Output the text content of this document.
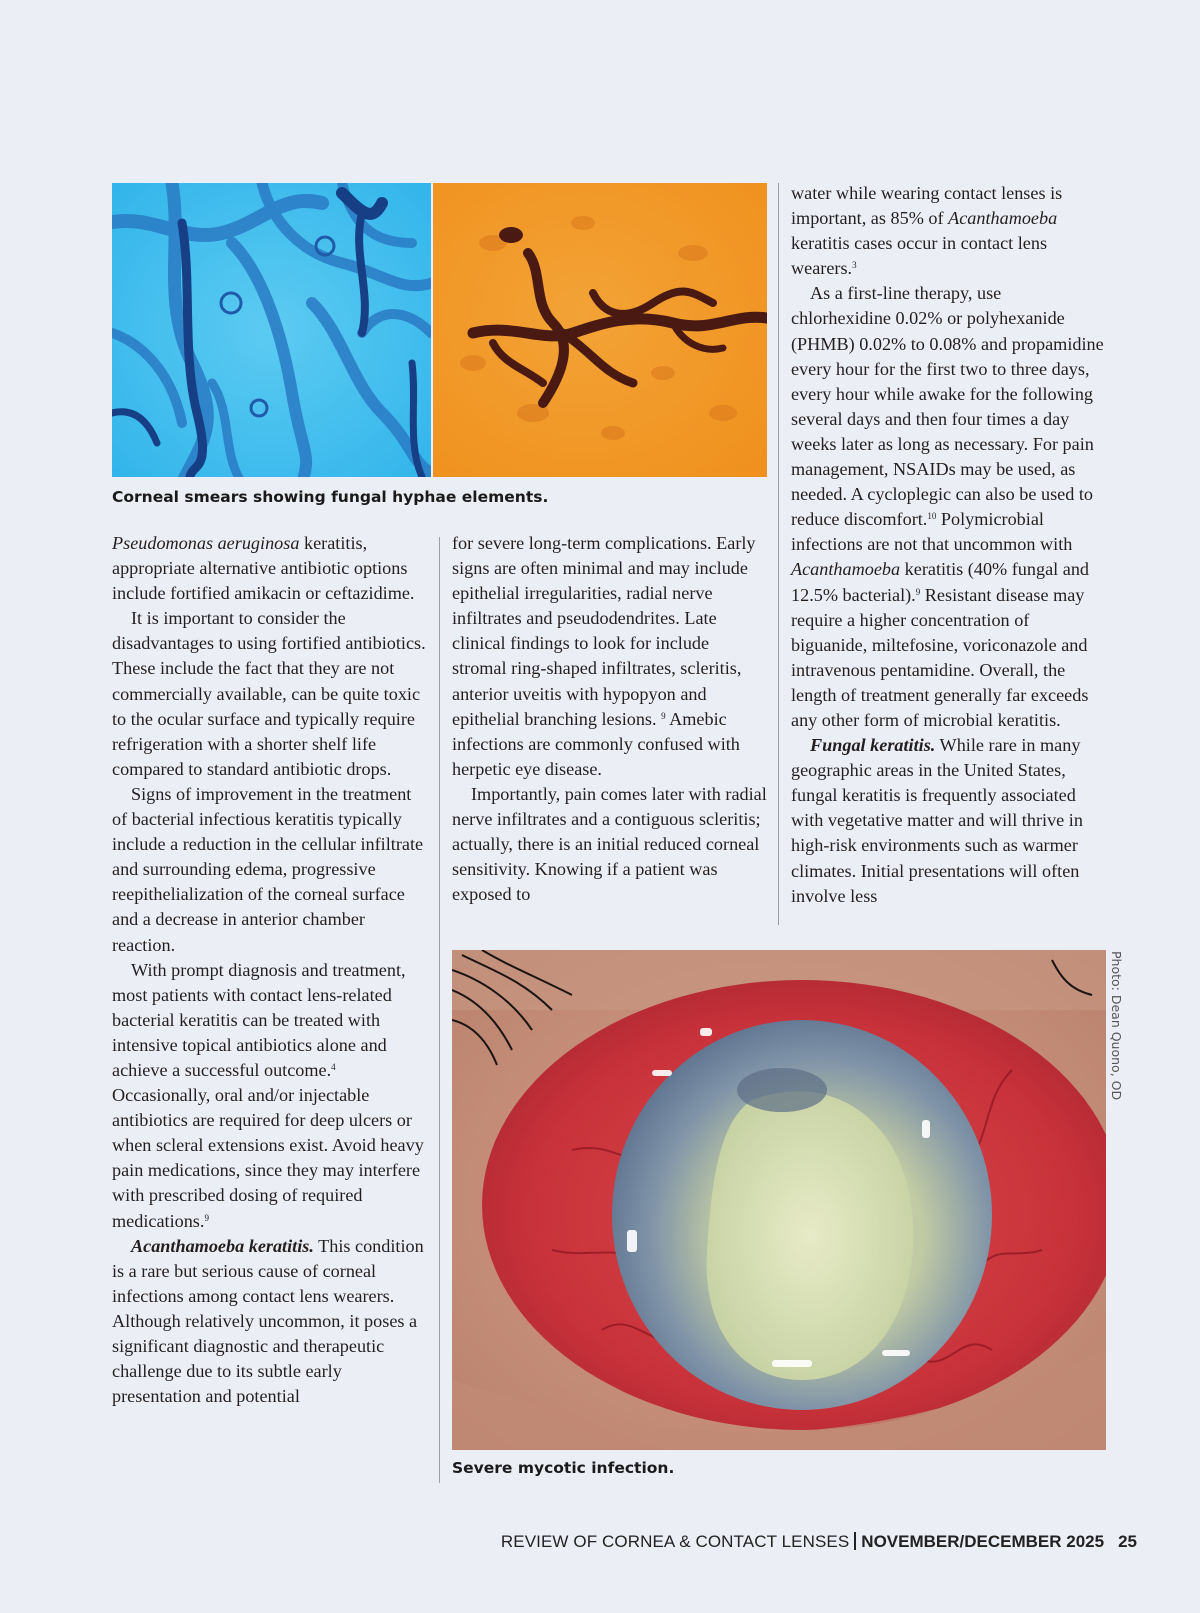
Corneal smears showing fungal hyphae elements.

Pseudomonas aeruginosa keratitis, appropriate alternative antibiotic options include fortified amikacin or ceftazidime.

It is important to consider the disadvantages to using fortified antibiotics. These include the fact that they are not commercially available, can be quite toxic to the ocular surface and typically require refrigeration with a shorter shelf life compared to standard antibiotic drops.

Signs of improvement in the treatment of bacterial infectious keratitis typically include a reduction in the cellular infiltrate and surrounding edema, progressive reepithelialization of the corneal surface and a decrease in anterior chamber reaction.

With prompt diagnosis and treatment, most patients with contact lens-related bacterial keratitis can be treated with intensive topical antibiotics alone and achieve a successful outcome.$^4$ Occasionally, oral and/or injectable antibiotics are required for deep ulcers or when scleral extensions exist. Avoid heavy pain medications, since they may interfere with prescribed dosing of required medications.$^9$

Acanthamoeba keratitis. This condition is a rare but serious cause of corneal infections among contact lens wearers. Although relatively uncommon, it poses a significant diagnostic and therapeutic challenge due to its subtle early presentation and potential

for severe long-term complications. Early signs are often minimal and may include epithelial irregularities, radial nerve infiltrates and pseudodendrites. Late clinical findings to look for include stromal ring-shaped infiltrates, scleritis, anterior uveitis with hypopyon and epithelial branching lesions. $^9$ Amebic infections are commonly confused with herpetic eye disease.

Importantly, pain comes later with radial nerve infiltrates and a contiguous scleritis; actually, there is an initial reduced corneal sensitivity. Knowing if a patient was exposed to

water while wearing contact lenses is important, as 85% of Acanthamoeba keratitis cases occur in contact lens wearers.$^3$

As a first-line therapy, use chlorhexidine 0.02% or polyhexanide (PHMB) 0.02% to 0.08% and propamidine every hour for the first two to three days, every hour while awake for the following several days and then four times a day weeks later as long as necessary. For pain management, NSAIDs may be used, as needed. A cycloplegic can also be used to reduce discomfort.$^{10}$ Polymicrobial infections are not that uncommon with Acanthamoeba keratitis (40% fungal and 12.5% bacterial).$^9$ Resistant disease may require a higher concentration of biguanide, miltefosine, voriconazole and intravenous pentamidine. Overall, the length of treatment generally far exceeds any other form of microbial keratitis.

Fungal keratitis. While rare in many geographic areas in the United States, fungal keratitis is frequently associated with vegetative matter and will thrive in high-risk environments such as warmer climates. Initial presentations will often involve less

Photo: Dean Quono, OD
Severe mycotic infection.
REVIEW OF CORNEA & CONTACT LENSES NOVEMBER/DECEMBER 2025 25
